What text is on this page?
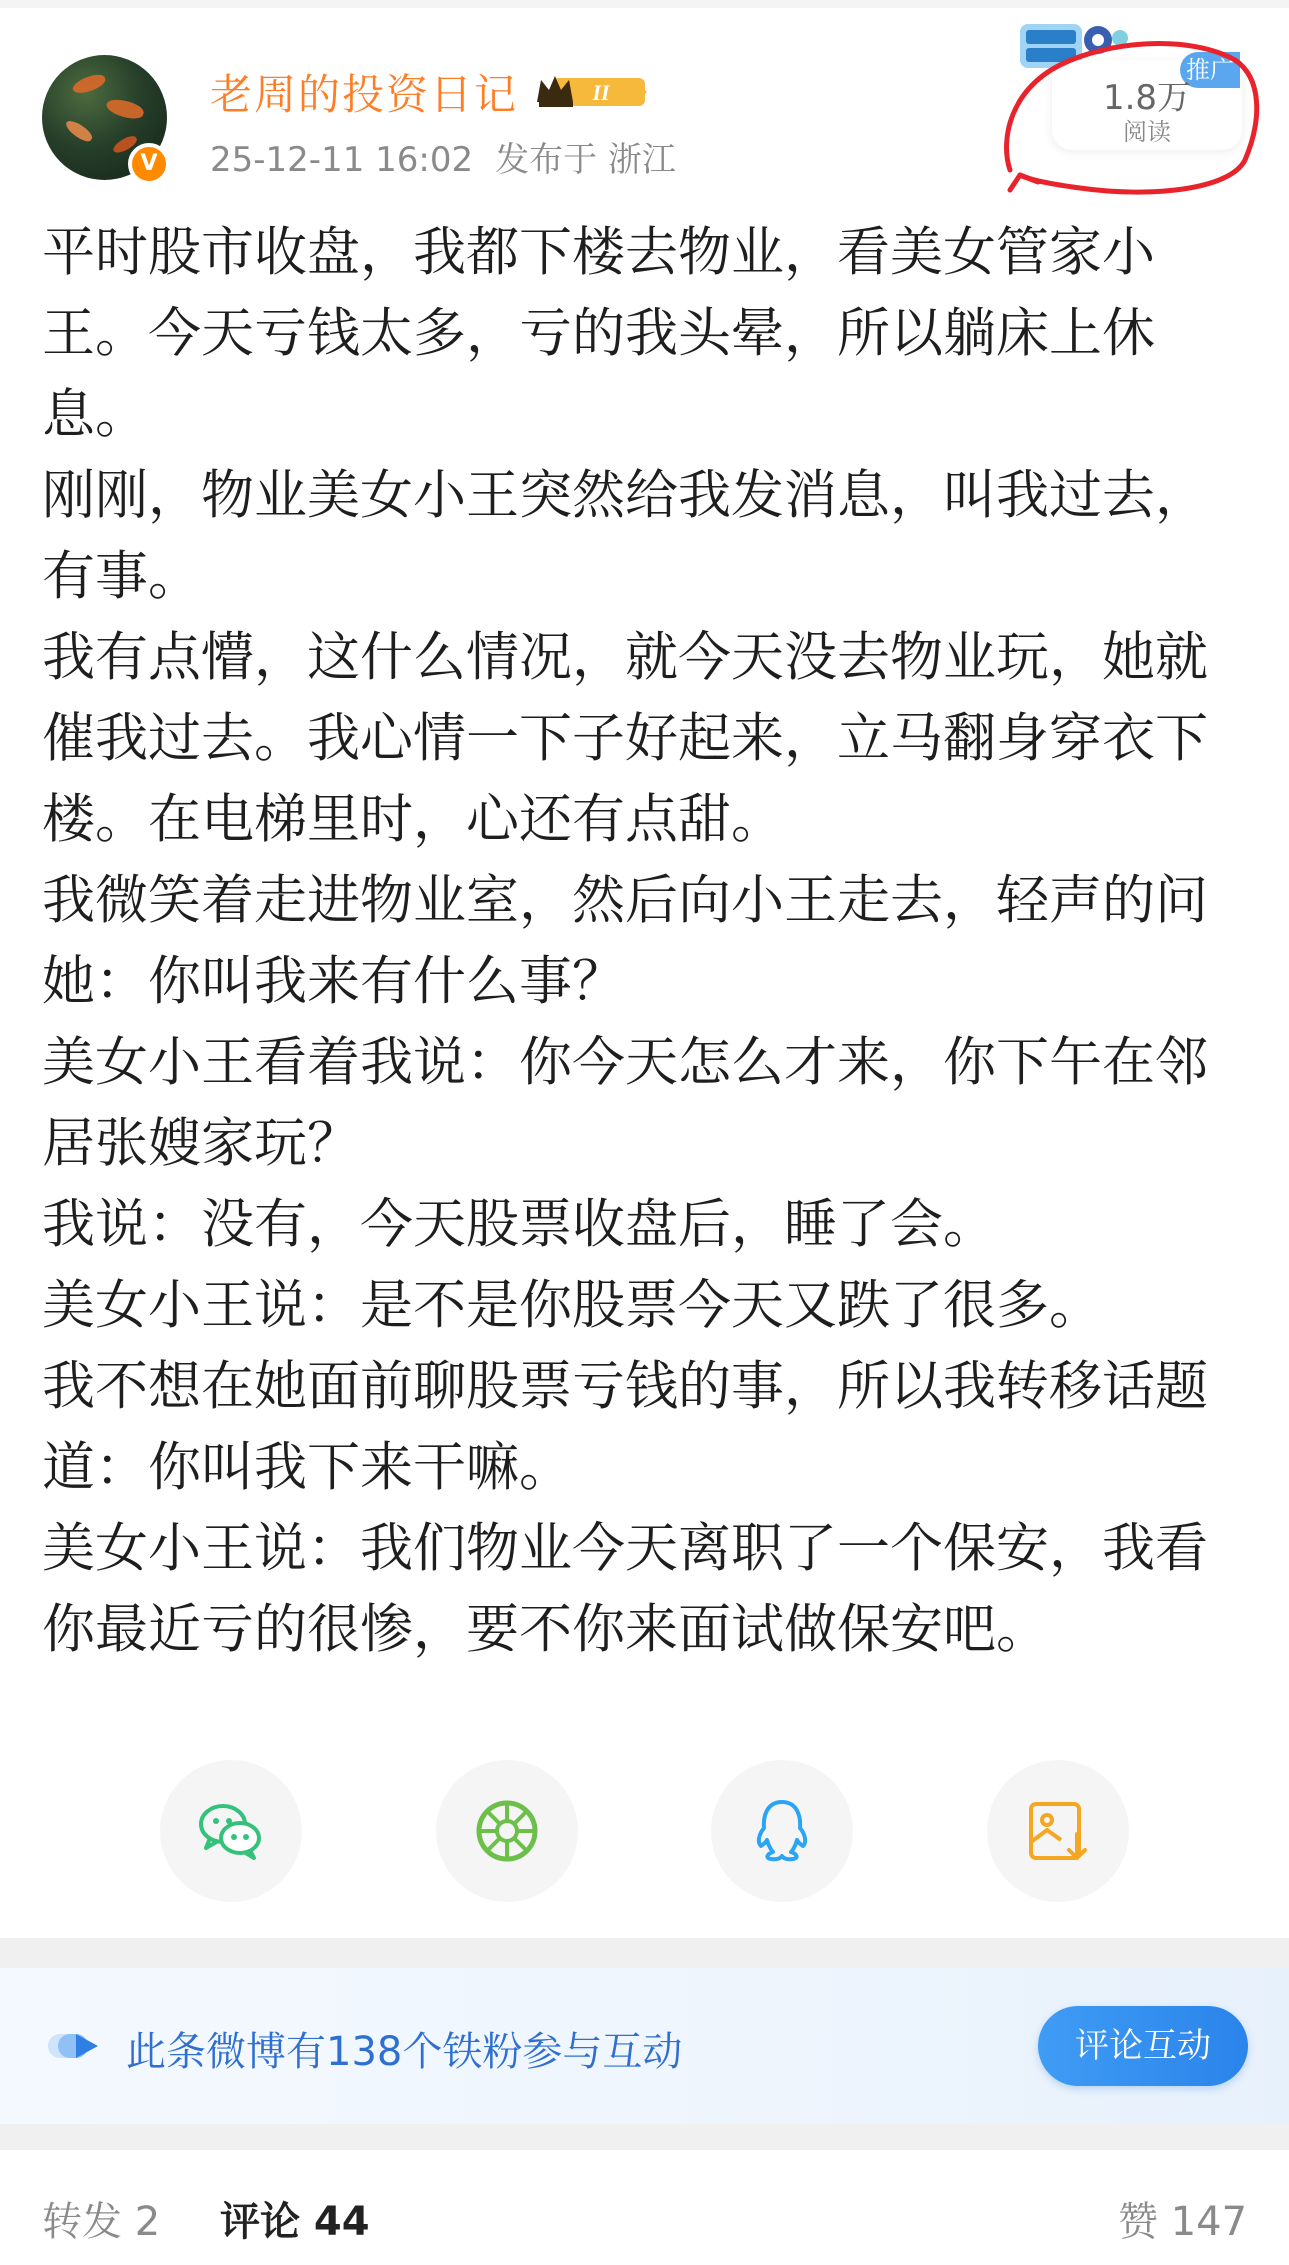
V
老周的投资日记	II
25-12-11 16:02 发布于 浙江
推广
1.8万
阅读

平时股市收盘，我都下楼去物业，看美女管家小王。今天亏钱太多，亏的我头晕，所以躺床上休息。

刚刚，物业美女小王突然给我发消息，叫我过去，有事。

我有点懵，这什么情况，就今天没去物业玩，她就催我过去。我心情一下子好起来，立马翻身穿衣下楼。在电梯里时，心还有点甜。

我微笑着走进物业室，然后向小王走去，轻声的问她：你叫我来有什么事？

美女小王看着我说：你今天怎么才来，你下午在邻居张嫂家玩？

我说：没有，今天股票收盘后，睡了会。

美女小王说：是不是你股票今天又跌了很多。

我不想在她面前聊股票亏钱的事，所以我转移话题道：你叫我下来干嘛。

美女小王说：我们物业今天离职了一个保安，我看你最近亏的很惨，要不你来面试做保安吧。

此条微博有138个铁粉参与互动	评论互动
转发 2 评论 44	赞 147
